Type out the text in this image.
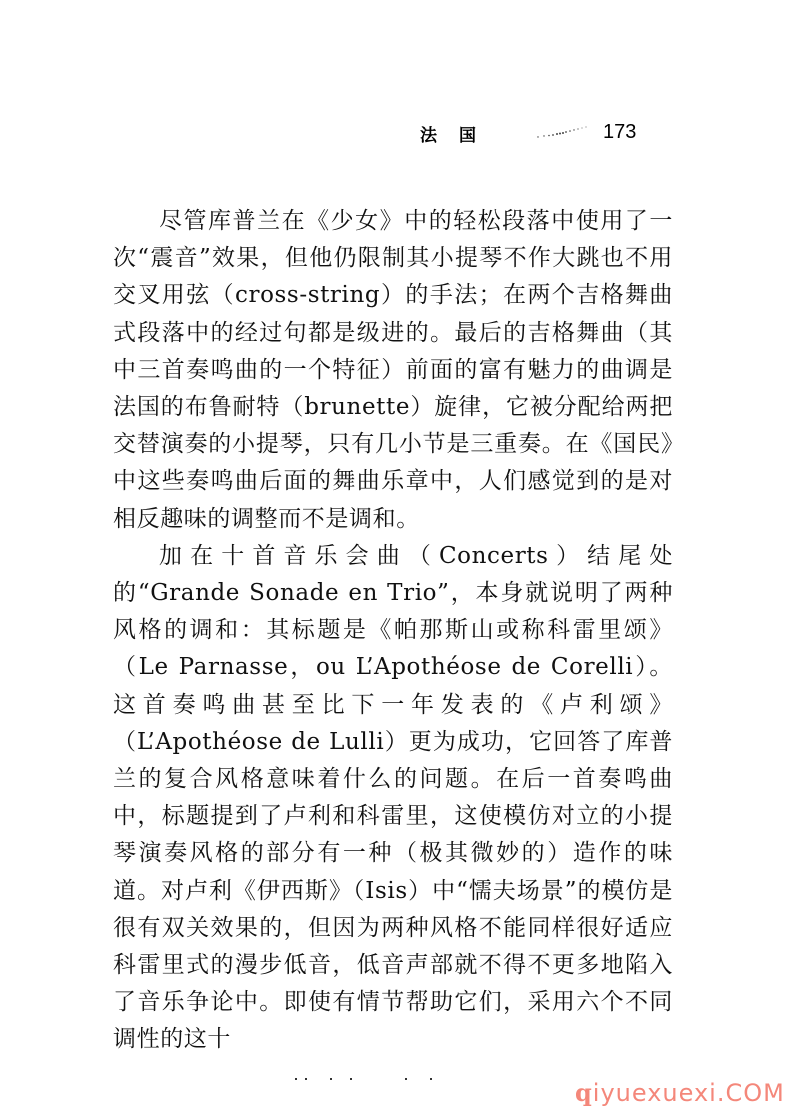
法国	173

尽管库普兰在《少女》中的轻松段落中使用了一次“震音”效果，但他仍限制其小提琴不作大跳也不用交叉用弦（cross-string）的手法；在两个吉格舞曲式段落中的经过句都是级进的。最后的吉格舞曲（其中三首奏鸣曲的一个特征）前面的富有魅力的曲调是法国的布鲁耐特（brunette）旋律，它被分配给两把交替演奏的小提琴，只有几小节是三重奏。在《国民》中这些奏鸣曲后面的舞曲乐章中，人们感觉到的是对相反趣味的调整而不是调和。

加在十首音乐会曲（Concerts）结尾处的“Grande Sonade en Trio”，本身就说明了两种风格的调和：其标题是《帕那斯山或称科雷里颂》（Le Parnasse，ou L’Apothéose de Corelli）。这首奏鸣曲甚至比下一年发表的《卢利颂》（L’Apothéose de Lulli）更为成功，它回答了库普兰的复合风格意味着什么的问题。在后一首奏鸣曲中，标题提到了卢利和科雷里，这使模仿对立的小提琴演奏风格的部分有一种（极其微妙的）造作的味道。对卢利《伊西斯》（Isis）中“懦夫场景”的模仿是很有双关效果的，但因为两种风格不能同样很好适应科雷里式的漫步低音，低音声部就不得不更多地陷入了音乐争论中。即使有情节帮助它们，采用六个不同调性的这十

qiyuexuexi.COM
